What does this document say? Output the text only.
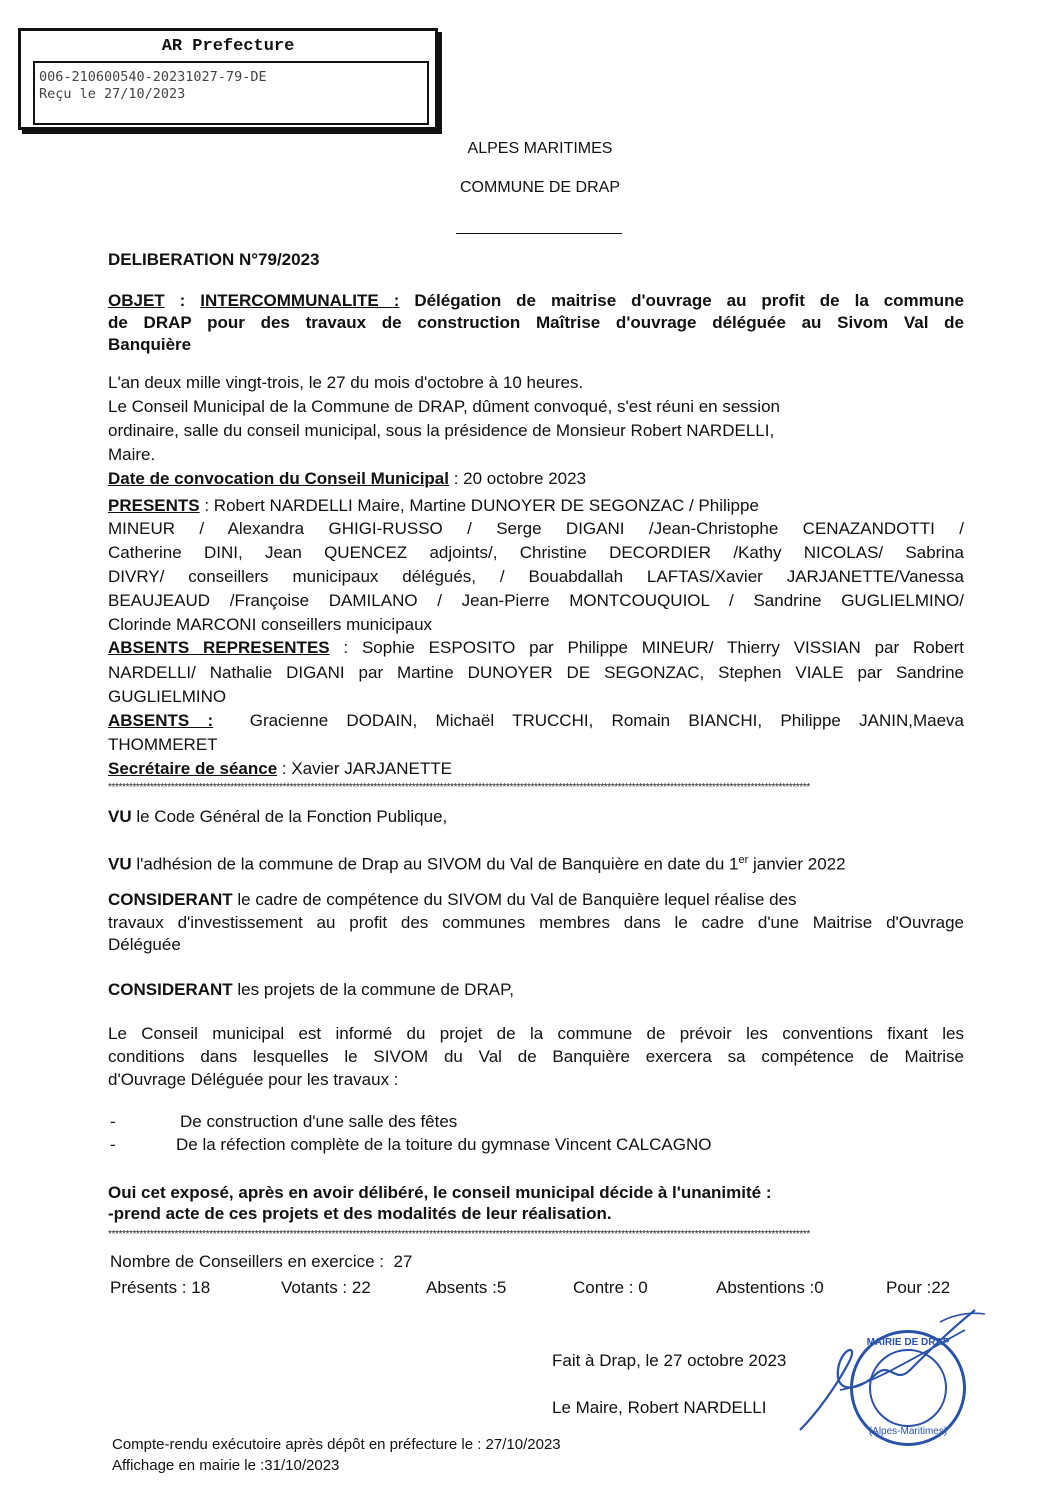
AR Prefecture
006-210600540-20231027-79-DE
Reçu le 27/10/2023
ALPES MARITIMES
COMMUNE DE DRAP
DELIBERATION N°79/2023
OBJET : INTERCOMMUNALITE : Délégation de maitrise d'ouvrage au profit de la commune
de DRAP pour des travaux de construction Maîtrise d'ouvrage déléguée au Sivom Val de
Banquière
L'an deux mille vingt-trois, le 27 du mois d'octobre à 10 heures.
Le Conseil Municipal de la Commune de DRAP, dûment convoqué, s'est réuni en session
ordinaire, salle du conseil municipal, sous la présidence de Monsieur Robert NARDELLI,
Maire.
Date de convocation du Conseil Municipal : 20 octobre 2023
PRESENTS : Robert NARDELLI Maire, Martine DUNOYER DE SEGONZAC / Philippe
MINEUR / Alexandra GHIGI-RUSSO / Serge DIGANI /Jean-Christophe CENAZANDOTTI /
Catherine DINI, Jean QUENCEZ adjoints/, Christine DECORDIER /Kathy NICOLAS/ Sabrina
DIVRY/ conseillers municipaux délégués, / Bouabdallah LAFTAS/Xavier JARJANETTE/Vanessa
BEAUJEAUD /Françoise DAMILANO / Jean-Pierre MONTCOUQUIOL / Sandrine GUGLIELMINO/
Clorinde MARCONI conseillers municipaux
ABSENTS REPRESENTES : Sophie ESPOSITO par Philippe MINEUR/ Thierry VISSIAN par Robert
NARDELLI/ Nathalie DIGANI par Martine DUNOYER DE SEGONZAC, Stephen VIALE par Sandrine
GUGLIELMINO
ABSENTS :  Gracienne DODAIN, Michaël TRUCCHI, Romain BIANCHI, Philippe JANIN,Maeva
THOMMERET
Secrétaire de séance : Xavier JARJANETTE
*********************************************************************************************************************************************************************************************************
VU le Code Général de la Fonction Publique,
VU l'adhésion de la commune de Drap au SIVOM du Val de Banquière en date du 1er janvier 2022
CONSIDERANT le cadre de compétence du SIVOM du Val de Banquière lequel réalise des
travaux d'investissement au profit des communes membres dans le cadre d'une Maitrise d'Ouvrage
Déléguée
CONSIDERANT les projets de la commune de DRAP,
Le Conseil municipal est informé du projet de la commune de prévoir les conventions fixant les
conditions dans lesquelles le SIVOM du Val de Banquière exercera sa compétence de Maitrise
d'Ouvrage Déléguée pour les travaux :
-	De construction d'une salle des fêtes
-	De la réfection complète de la toiture du gymnase Vincent CALCAGNO
Oui cet exposé, après en avoir délibéré, le conseil municipal décide à l'unanimité :
-prend acte de ces projets et des modalités de leur réalisation.
*********************************************************************************************************************************************************************************************************
Nombre de Conseillers en exercice :  27
Présents : 18	Votants : 22	Absents :5	Contre : 0	Abstentions :0	Pour :22
Fait à Drap, le 27 octobre 2023
Le Maire, Robert NARDELLI
MAIRIE DE DRAP
(Alpes-Maritimes)
Compte-rendu exécutoire après dépôt en préfecture le : 27/10/2023
Affichage en mairie le :31/10/2023
